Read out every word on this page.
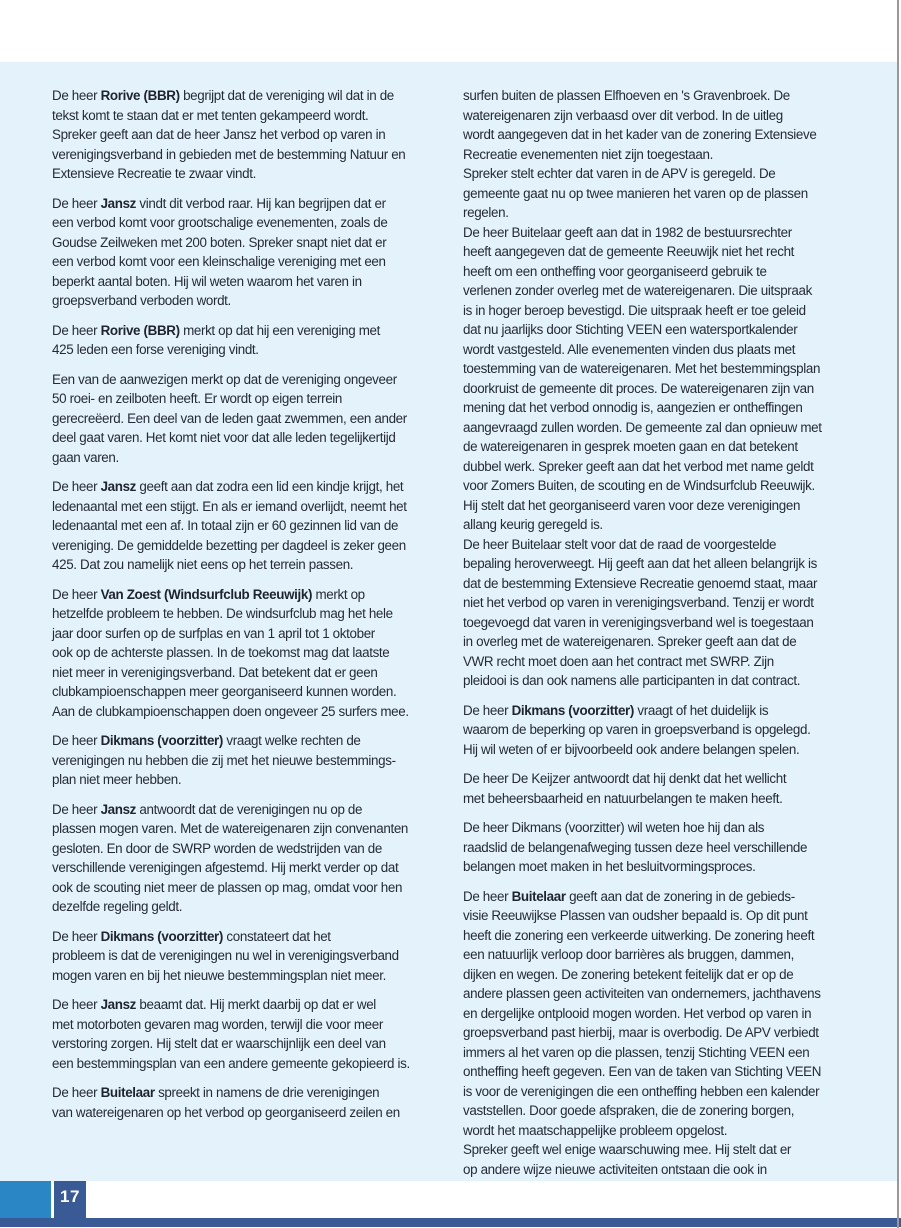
De heer Rorive (BBR) begrijpt dat de vereniging wil dat in de
tekst komt te staan dat er met tenten gekampeerd wordt.
Spreker geeft aan dat de heer Jansz het verbod op varen in
verenigingsverband in gebieden met de bestemming Natuur en
Extensieve Recreatie te zwaar vindt.

De heer Jansz vindt dit verbod raar. Hij kan begrijpen dat er
een verbod komt voor grootschalige evenementen, zoals de
Goudse Zeilweken met 200 boten. Spreker snapt niet dat er
een verbod komt voor een kleinschalige vereniging met een
beperkt aantal boten. Hij wil weten waarom het varen in
groepsverband verboden wordt.

De heer Rorive (BBR) merkt op dat hij een vereniging met
425 leden een forse vereniging vindt.

Een van de aanwezigen merkt op dat de vereniging ongeveer
50 roei- en zeilboten heeft. Er wordt op eigen terrein
gerecreëerd. Een deel van de leden gaat zwemmen, een ander
deel gaat varen. Het komt niet voor dat alle leden tegelijkertijd
gaan varen.

De heer Jansz geeft aan dat zodra een lid een kindje krijgt, het
ledenaantal met een stijgt. En als er iemand overlijdt, neemt het
ledenaantal met een af. In totaal zijn er 60 gezinnen lid van de
vereniging. De gemiddelde bezetting per dagdeel is zeker geen
425. Dat zou namelijk niet eens op het terrein passen.

De heer Van Zoest (Windsurfclub Reeuwijk) merkt op
hetzelfde probleem te hebben. De windsurfclub mag het hele
jaar door surfen op de surfplas en van 1 april tot 1 oktober
ook op de achterste plassen. In de toekomst mag dat laatste
niet meer in verenigingsverband. Dat betekent dat er geen
clubkampioenschappen meer georganiseerd kunnen worden.
Aan de clubkampioenschappen doen ongeveer 25 surfers mee.

De heer Dikmans (voorzitter) vraagt welke rechten de
verenigingen nu hebben die zij met het nieuwe bestemmings-
plan niet meer hebben.

De heer Jansz antwoordt dat de verenigingen nu op de
plassen mogen varen. Met de watereigenaren zijn convenanten
gesloten. En door de SWRP worden de wedstrijden van de
verschillende verenigingen afgestemd. Hij merkt verder op dat
ook de scouting niet meer de plassen op mag, omdat voor hen
dezelfde regeling geldt.

De heer Dikmans (voorzitter) constateert dat het
probleem is dat de verenigingen nu wel in verenigingsverband
mogen varen en bij het nieuwe bestemmingsplan niet meer.

De heer Jansz beaamt dat. Hij merkt daarbij op dat er wel
met motorboten gevaren mag worden, terwijl die voor meer
verstoring zorgen. Hij stelt dat er waarschijnlijk een deel van
een bestemmingsplan van een andere gemeente gekopieerd is.

De heer Buitelaar spreekt in namens de drie verenigingen
van watereigenaren op het verbod op georganiseerd zeilen en

surfen buiten de plassen Elfhoeven en 's Gravenbroek. De
watereigenaren zijn verbaasd over dit verbod. In de uitleg
wordt aangegeven dat in het kader van de zonering Extensieve
Recreatie evenementen niet zijn toegestaan.
Spreker stelt echter dat varen in de APV is geregeld. De
gemeente gaat nu op twee manieren het varen op de plassen
regelen.
De heer Buitelaar geeft aan dat in 1982 de bestuursrechter
heeft aangegeven dat de gemeente Reeuwijk niet het recht
heeft om een ontheffing voor georganiseerd gebruik te
verlenen zonder overleg met de watereigenaren. Die uitspraak
is in hoger beroep bevestigd. Die uitspraak heeft er toe geleid
dat nu jaarlijks door Stichting VEEN een watersportkalender
wordt vastgesteld. Alle evenementen vinden dus plaats met
toestemming van de watereigenaren. Met het bestemmingsplan
doorkruist de gemeente dit proces. De watereigenaren zijn van
mening dat het verbod onnodig is, aangezien er ontheffingen
aangevraagd zullen worden. De gemeente zal dan opnieuw met
de watereigenaren in gesprek moeten gaan en dat betekent
dubbel werk. Spreker geeft aan dat het verbod met name geldt
voor Zomers Buiten, de scouting en de Windsurfclub Reeuwijk.
Hij stelt dat het georganiseerd varen voor deze verenigingen
allang keurig geregeld is.
De heer Buitelaar stelt voor dat de raad de voorgestelde
bepaling heroverweegt. Hij geeft aan dat het alleen belangrijk is
dat de bestemming Extensieve Recreatie genoemd staat, maar
niet het verbod op varen in verenigingsverband. Tenzij er wordt
toegevoegd dat varen in verenigingsverband wel is toegestaan
in overleg met de watereigenaren. Spreker geeft aan dat de
VWR recht moet doen aan het contract met SWRP. Zijn
pleidooi is dan ook namens alle participanten in dat contract.

De heer Dikmans (voorzitter) vraagt of het duidelijk is
waarom de beperking op varen in groepsverband is opgelegd.
Hij wil weten of er bijvoorbeeld ook andere belangen spelen.

De heer De Keijzer antwoordt dat hij denkt dat het wellicht
met beheersbaarheid en natuurbelangen te maken heeft.

De heer Dikmans (voorzitter) wil weten hoe hij dan als
raadslid de belangenafweging tussen deze heel verschillende
belangen moet maken in het besluitvormingsproces.

De heer Buitelaar geeft aan dat de zonering in de gebieds-
visie Reeuwijkse Plassen van oudsher bepaald is. Op dit punt
heeft die zonering een verkeerde uitwerking. De zonering heeft
een natuurlijk verloop door barrières als bruggen, dammen,
dijken en wegen. De zonering betekent feitelijk dat er op de
andere plassen geen activiteiten van ondernemers, jachthavens
en dergelijke ontplooid mogen worden. Het verbod op varen in
groepsverband past hierbij, maar is overbodig. De APV verbiedt
immers al het varen op die plassen, tenzij Stichting VEEN een
ontheffing heeft gegeven. Een van de taken van Stichting VEEN
is voor de verenigingen die een ontheffing hebben een kalender
vaststellen. Door goede afspraken, die de zonering borgen,
wordt het maatschappelijke probleem opgelost.
Spreker geeft wel enige waarschuwing mee. Hij stelt dat er
op andere wijze nieuwe activiteiten ontstaan die ook in

17
